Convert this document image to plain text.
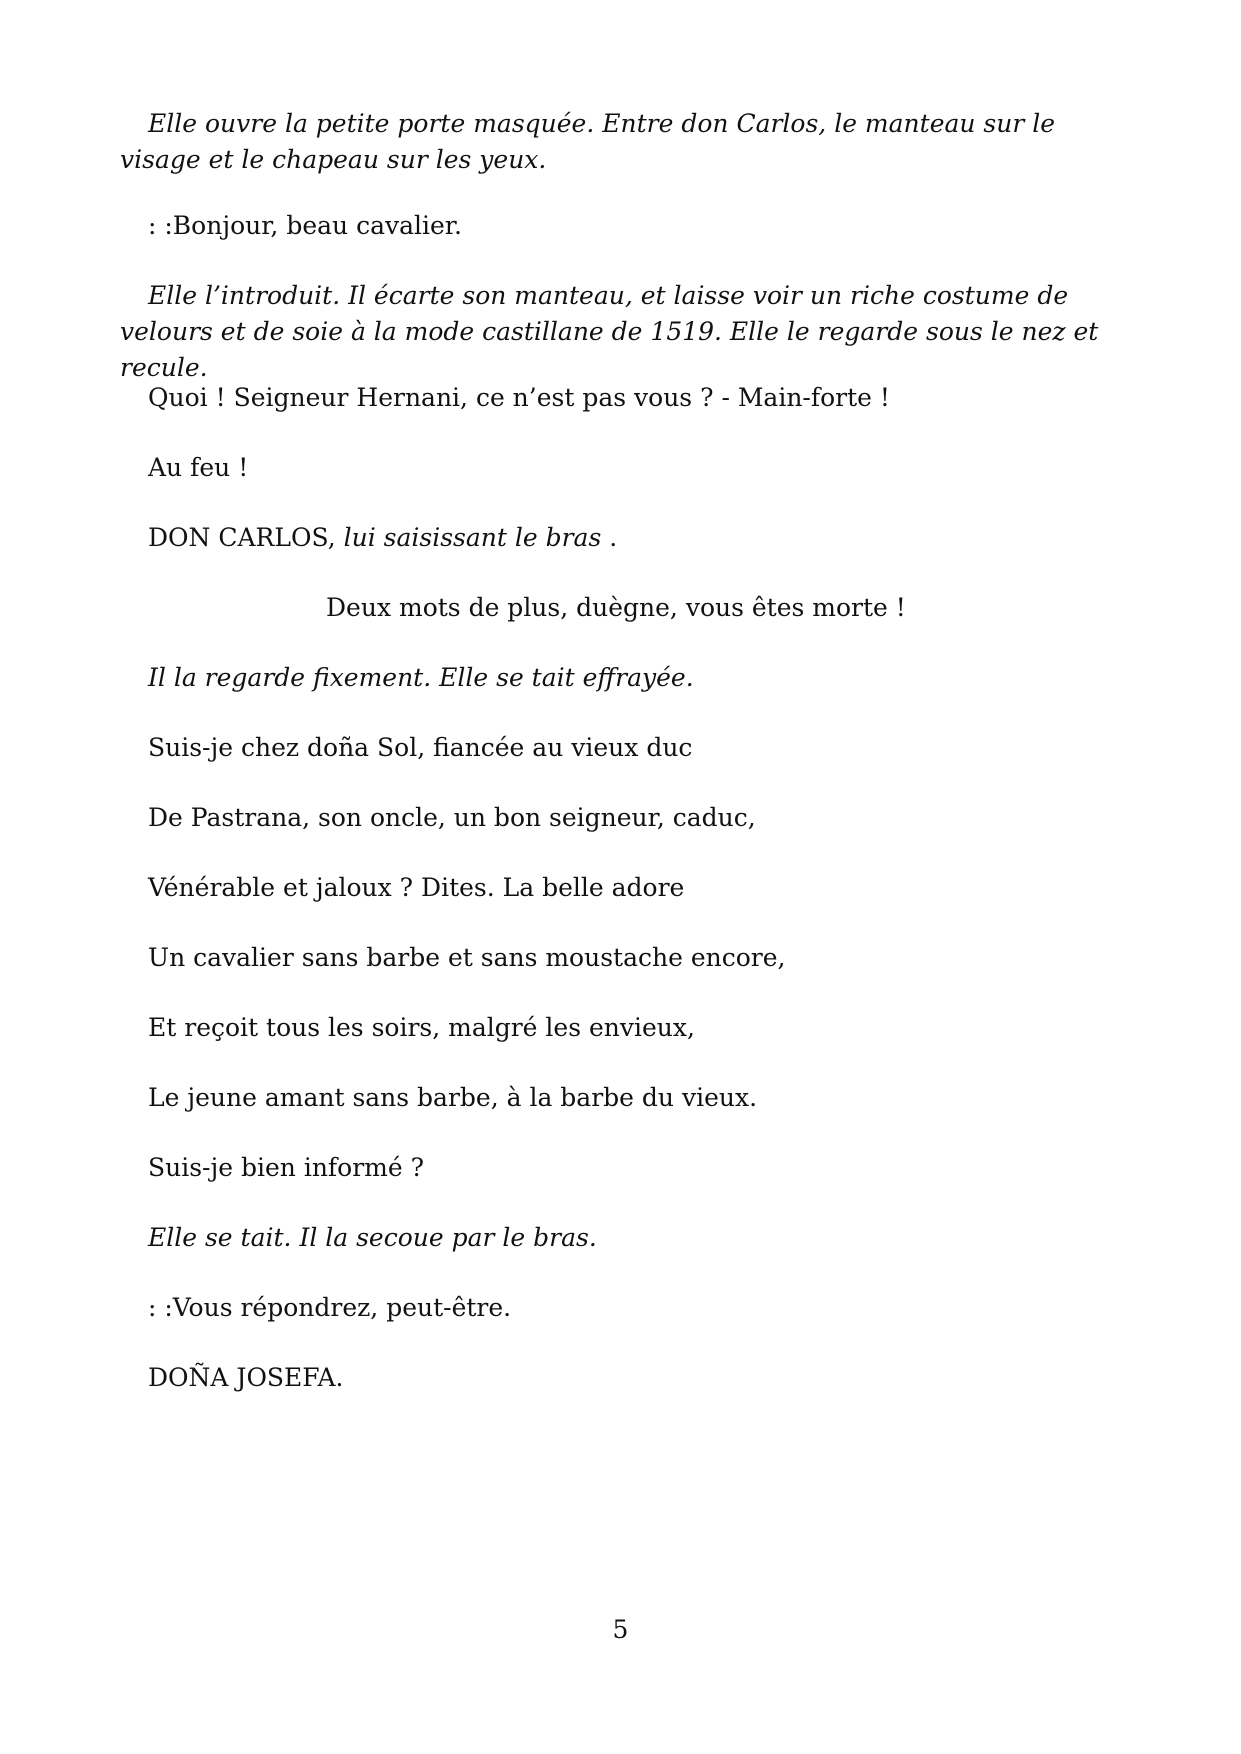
Elle ouvre la petite porte masquée. Entre don Carlos, le manteau sur le visage et le chapeau sur les yeux.

: :Bonjour, beau cavalier.

Elle l’introduit. Il écarte son manteau, et laisse voir un riche costume de velours et de soie à la mode castillane de 1519. Elle le regarde sous le nez et recule.

Quoi ! Seigneur Hernani, ce n’est pas vous ? - Main-forte !

Au feu !

DON CARLOS, lui saisissant le bras .

Deux mots de plus, duègne, vous êtes morte !

Il la regarde fixement. Elle se tait effrayée.

Suis-je chez doña Sol, fiancée au vieux duc

De Pastrana, son oncle, un bon seigneur, caduc,

Vénérable et jaloux ? Dites. La belle adore

Un cavalier sans barbe et sans moustache encore,

Et reçoit tous les soirs, malgré les envieux,

Le jeune amant sans barbe, à la barbe du vieux.

Suis-je bien informé ?

Elle se tait. Il la secoue par le bras.

: :Vous répondrez, peut-être.

DOÑA JOSEFA.

5
